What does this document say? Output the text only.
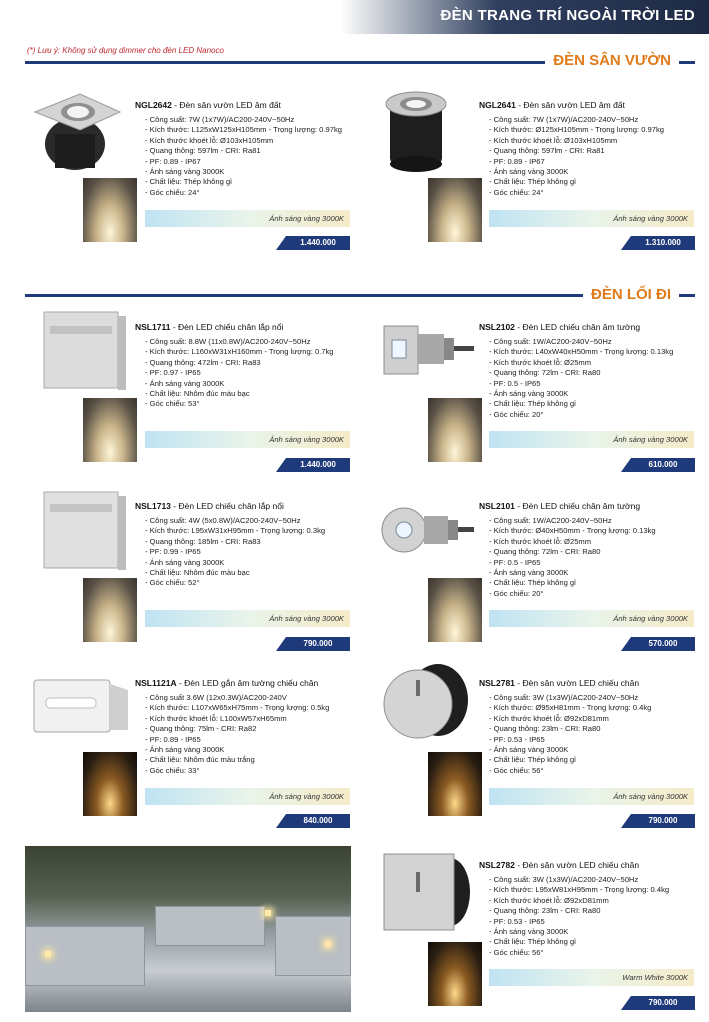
ĐÈN TRANG TRÍ NGOÀI TRỜI LED
(*) Lưu ý: Không sử dụng dimmer cho đèn LED Nanoco
ĐÈN SÂN VƯỜN
ĐÈN LỐI ĐI
NGL2642 - Đèn sân vườn LED âm đất
- Công suất: 7W (1x7W)/AC200-240V~50Hz
- Kích thước: L125xW125xH105mm - Trọng lượng: 0.97kg
- Kích thước khoét lỗ: Ø103xH105mm
- Quang thông: 597lm - CRI: Ra81
- PF: 0.89 - IP67
- Ánh sáng vàng 3000K
- Chất liệu: Thép không gỉ
- Góc chiếu: 24°
Ánh sáng vàng 3000K
1.440.000
NGL2641 - Đèn sân vườn LED âm đất
- Công suất: 7W (1x7W)/AC200-240V~50Hz
- Kích thước: Ø125xH105mm - Trọng lượng: 0.97kg
- Kích thước khoét lỗ: Ø103xH105mm
- Quang thông: 597lm - CRI: Ra81
- PF: 0.89 - IP67
- Ánh sáng vàng 3000K
- Chất liệu: Thép không gỉ
- Góc chiếu: 24°
Ánh sáng vàng 3000K
1.310.000
NSL1711 - Đèn LED chiếu chân lắp nổi
- Công suất: 8.8W (11x0.8W)/AC200-240V~50Hz
- Kích thước: L160xW31xH160mm - Trọng lượng: 0.7kg
- Quang thông: 472lm - CRI: Ra83
- PF: 0.97 - IP65
- Ánh sáng vàng 3000K
- Chất liệu: Nhôm đúc màu bạc
- Góc chiếu: 53°
Ánh sáng vàng 3000K
1.440.000
NSL2102 - Đèn LED chiếu chân âm tường
- Công suất: 1W/AC200-240V~50Hz
- Kích thước: L40xW40xH50mm - Trọng lượng: 0.13kg
- Kích thước khoét lỗ: Ø25mm
- Quang thông: 72lm - CRI: Ra80
- PF: 0.5 - IP65
- Ánh sáng vàng 3000K
- Chất liệu: Thép không gỉ
- Góc chiếu: 20°
Ánh sáng vàng 3000K
610.000
NSL1713 - Đèn LED chiếu chân lắp nổi
- Công suất: 4W (5x0.8W)/AC200-240V~50Hz
- Kích thước: L95xW31xH95mm - Trọng lượng: 0.3kg
- Quang thông: 185lm - CRI: Ra83
- PF: 0.99 - IP65
- Ánh sáng vàng 3000K
- Chất liệu: Nhôm đúc màu bạc
- Góc chiếu: 52°
Ánh sáng vàng 3000K
790.000
NSL2101 - Đèn LED chiếu chân âm tường
- Công suất: 1W/AC200-240V~50Hz
- Kích thước: Ø40xH50mm - Trọng lượng: 0.13kg
- Kích thước khoét lỗ: Ø25mm
- Quang thông: 72lm - CRI: Ra80
- PF: 0.5 - IP65
- Ánh sáng vàng 3000K
- Chất liệu: Thép không gỉ
- Góc chiếu: 20°
Ánh sáng vàng 3000K
570.000
NSL1121A - Đèn LED gắn âm tường chiếu chân
- Công suất 3.6W (12x0.3W)/AC200-240V
- Kích thước: L107xW65xH75mm - Trọng lượng: 0.5kg
- Kích thước khoét lỗ: L100xW57xH65mm
- Quang thông: 75lm - CRI: Ra82
- PF: 0.89 - IP65
- Ánh sáng vàng 3000K
- Chất liệu: Nhôm đúc màu trắng
- Góc chiếu: 33°
Ánh sáng vàng 3000K
840.000
NSL2781 - Đèn sân vườn LED chiếu chân
- Công suất: 3W (1x3W)/AC200-240V~50Hz
- Kích thước: Ø95xH81mm - Trọng lượng: 0.4kg
- Kích thước khoét lỗ: Ø92xD81mm
- Quang thông: 23lm - CRI: Ra80
- PF: 0.53 - IP65
- Ánh sáng vàng 3000K
- Chất liệu: Thép không gỉ
- Góc chiếu: 56°
Ánh sáng vàng 3000K
790.000
NSL2782 - Đèn sân vườn LED chiếu chân
- Công suất: 3W (1x3W)/AC200-240V~50Hz
- Kích thước: L95xW81xH95mm - Trọng lượng: 0.4kg
- Kích thước khoét lỗ: Ø92xD81mm
- Quang thông: 23lm - CRI: Ra80
- PF: 0.53 - IP65
- Ánh sáng vàng 3000K
- Chất liệu: Thép không gỉ
- Góc chiếu: 56°
Warm White 3000K
790.000
